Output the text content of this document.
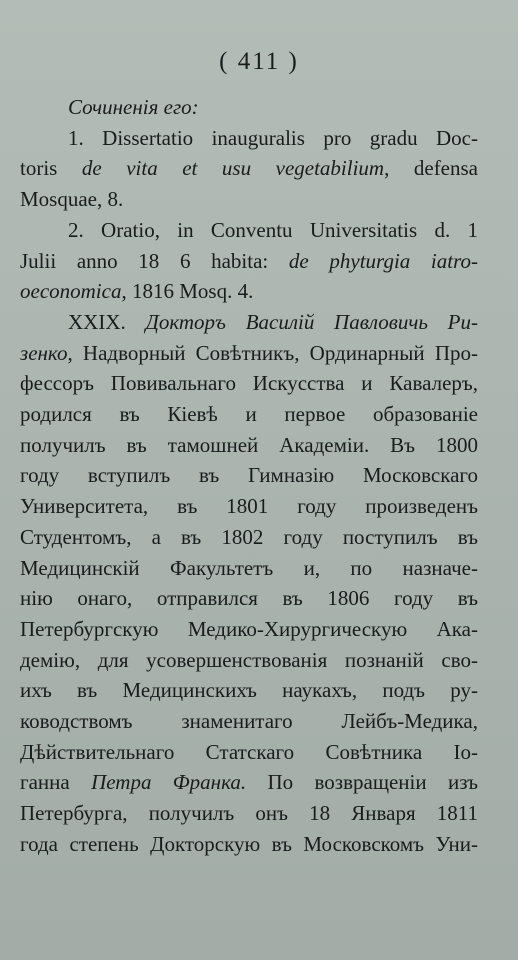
( 411 )
Сочиненія его:
1. Dissertatio inauguralis pro gradu Doc-
toris de vita et usu vegetabilium, defensa
Mosquae, 8.
2. Oratio, in Conventu Universitatis d. 1
Julii anno 18 6 habita: de phyturgia iatro-
oeconomica, 1816 Mosq. 4.
XXIX. Докторъ Василій Павловичь Ри-
зенко, Надворный Совѣтникъ, Ординарный Про-
фессоръ Повивальнаго Искусства и Кавалеръ,
родился въ Кіевѣ и первое образованіе
получилъ въ тамошней Академіи. Въ 1800
году вступилъ въ Гимназію Московскаго
Университета, въ 1801 году произведенъ
Студентомъ, а въ 1802 году поступилъ въ
Медицинскій Факультетъ и, по назначе-
нію онаго, отправился въ 1806 году въ
Петербургскую Медико-Хирургическую Ака-
демію, для усовершенствованія познаній сво-
ихъ въ Медицинскихъ наукахъ, подъ ру-
ководствомъ знаменитаго Лейбъ-Медика,
Дѣйствительнаго Статскаго Совѣтника Іо-
ганна Петра Франка. По возвращеніи изъ
Петербурга, получилъ онъ 18 Января 1811
года степень Докторскую въ Московскомъ Уни-
